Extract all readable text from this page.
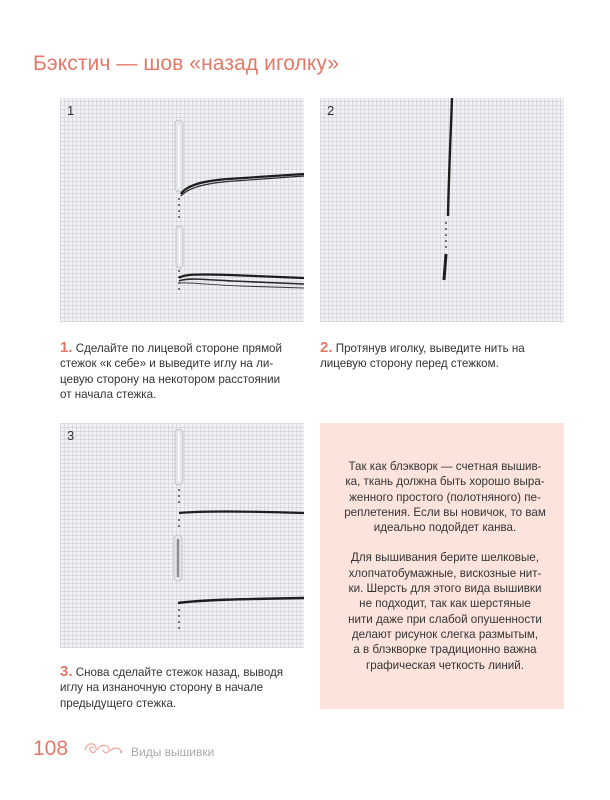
Бэкстич — шов «назад иголку»
1	2

1. Сделайте по лицевой стороне прямой
стежок «к себе» и выведите иглу на ли-
цевую сторону на некотором расстоянии
от начала стежка.

2. Протянув иголку, выведите нить на
лицевую сторону перед стежком.

3

3. Снова сделайте стежок назад, выводя
иглу на изнаночную сторону в начале
предыдущего стежка.

Так как блэкворк — счетная вышив-
ка, ткань должна быть хорошо выра-
женного простого (полотняного) пе-
реплетения. Если вы новичок, то вам
идеально подойдет канва.

Для вышивания берите шелковые,
хлопчатобумажные, вискозные нит-
ки. Шерсть для этого вида вышивки
не подходит, так как шерстяные
нити даже при слабой опушенности
делают рисунок слегка размытым,
а в блэкворке традиционно важна
графическая четкость линий.

108	Виды вышивки
